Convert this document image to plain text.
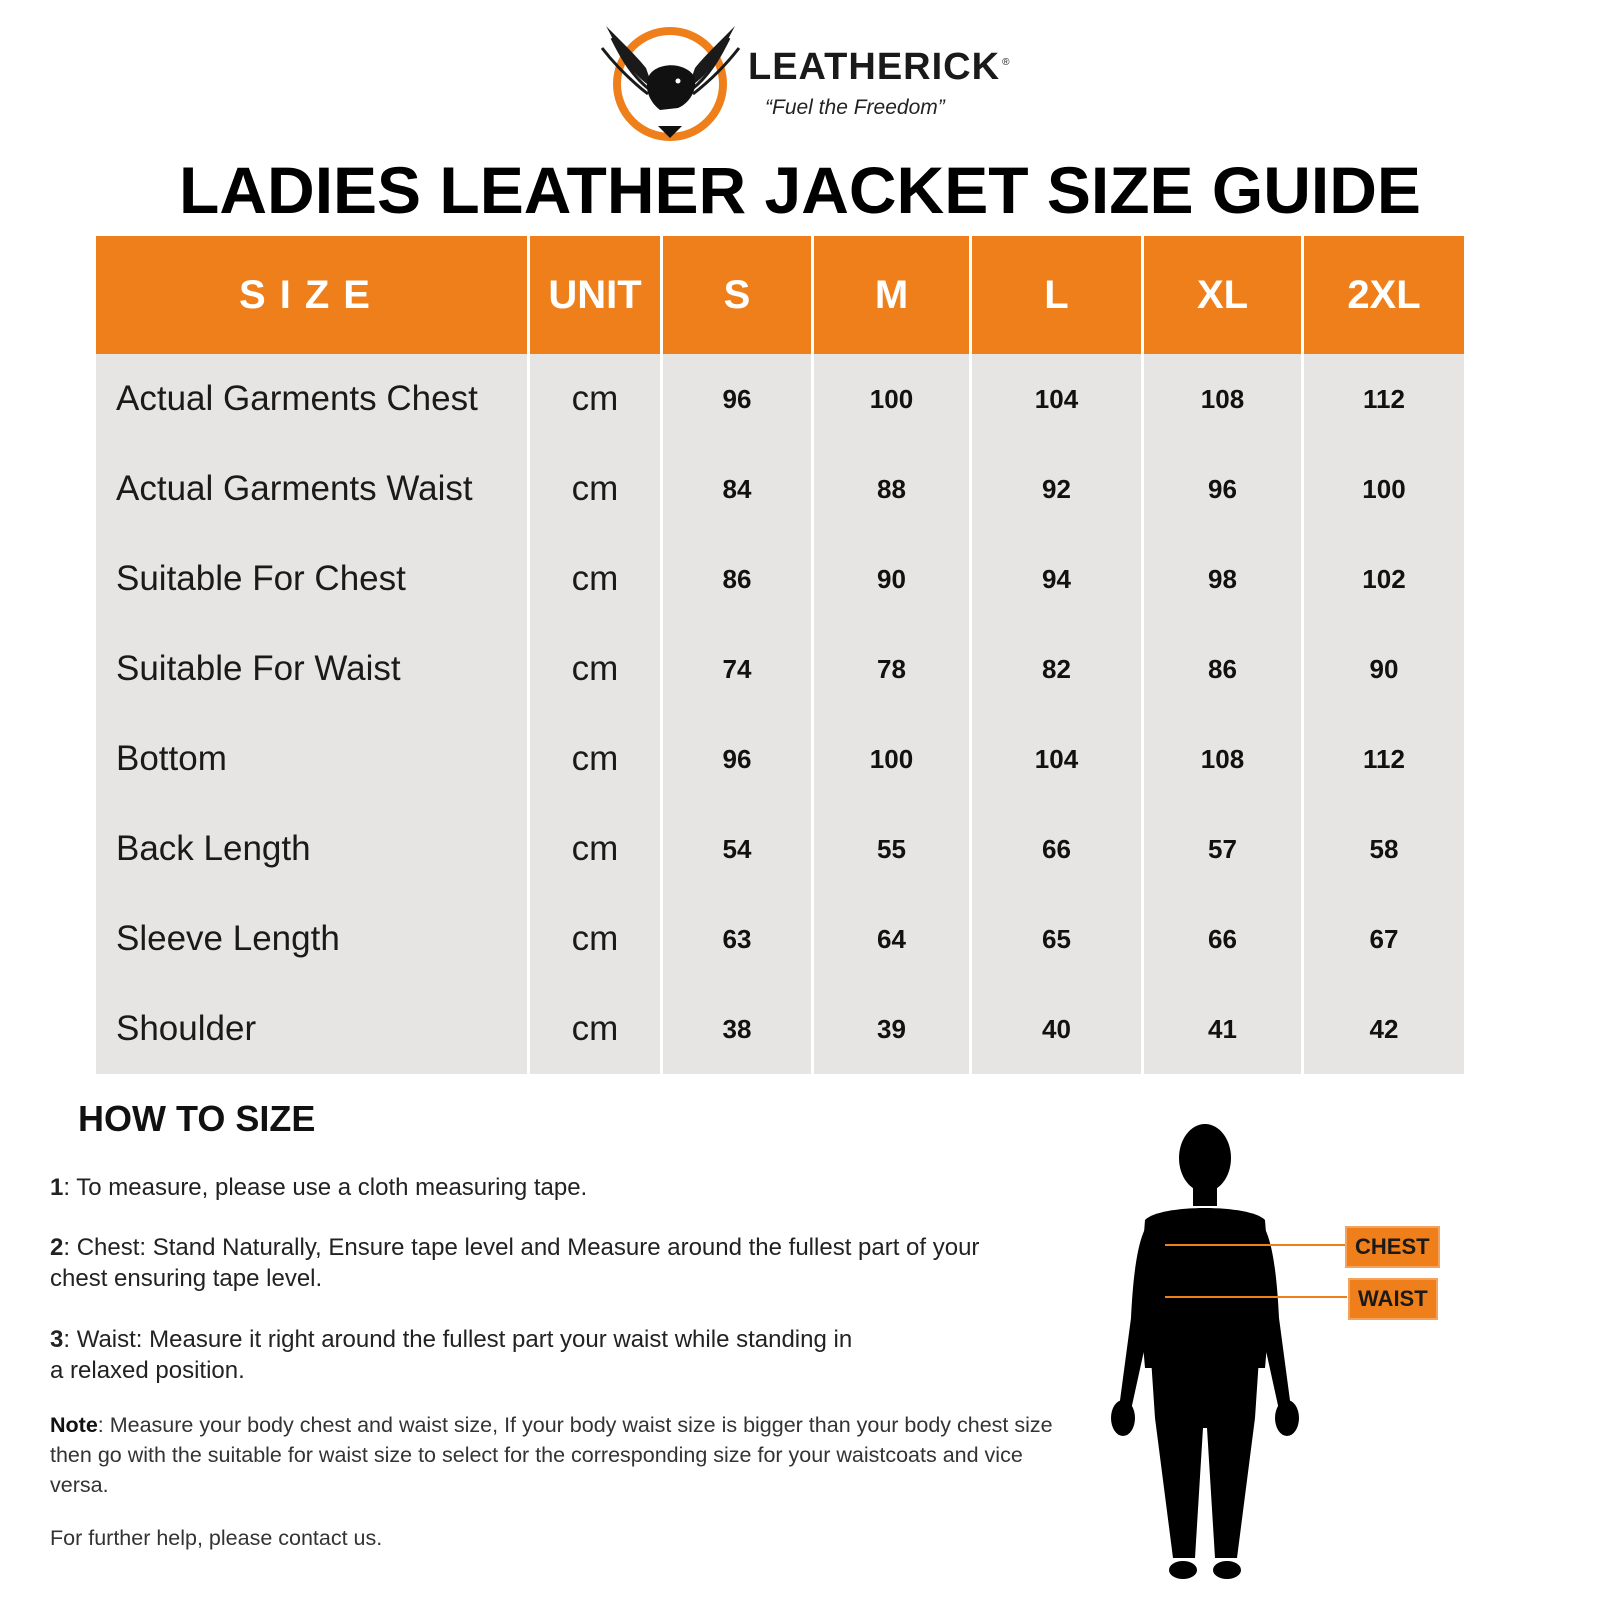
LEATHERICK ®
“Fuel the Freedom”
LADIES LEATHER JACKET SIZE GUIDE
SIZE	UNIT	S	M	L	XL	2XL
Actual Garments Chest	cm	96	100	104	108	112
Actual Garments Waist	cm	84	88	92	96	100
Suitable For Chest	cm	86	90	94	98	102
Suitable For Waist	cm	74	78	82	86	90
Bottom	cm	96	100	104	108	112
Back Length	cm	54	55	66	57	58
Sleeve Length	cm	63	64	65	66	67
Shoulder	cm	38	39	40	41	42
HOW TO SIZE
1: To measure, please use a cloth measuring tape.
2: Chest: Stand Naturally, Ensure tape level and Measure around the fullest part of your
chest ensuring tape level.
3: Waist: Measure it right around the fullest part your waist while standing in
a relaxed position.
Note: Measure your body chest and waist size, If your body waist size is bigger than your body chest size then go with the suitable for waist size to select for the corresponding size for your waistcoats and vice versa.
For further help, please contact us.
CHEST
WAIST
